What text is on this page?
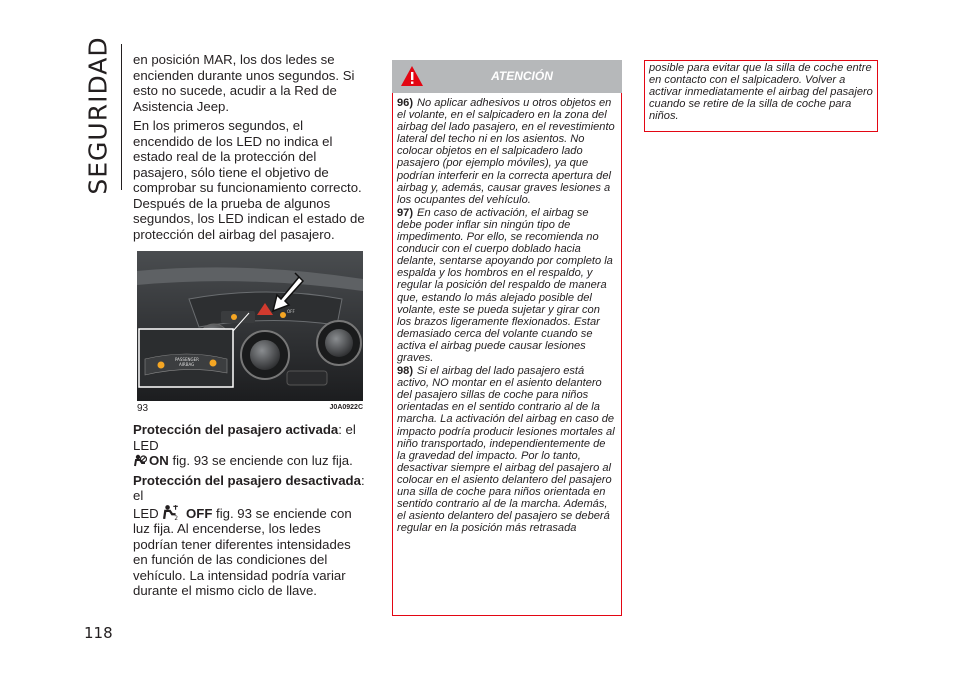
SEGURIDAD
118

en posición MAR, los dos ledes se encienden durante unos segundos. Si esto no sucede, acudir a la Red de Asistencia Jeep.

En los primeros segundos, el encendido de los LED no indica el estado real de la protección del pasajero, sólo tiene el objetivo de comprobar su funcionamiento correcto. Después de la prueba de algunos segundos, los LED indican el estado de protección del airbag del pasajero.

Protección del pasajero activada: el LED
ON fig. 93 se enciende con luz fija.

Protección del pasajero desactivada: el
LED	2 OFF fig. 93 se enciende con luz fija. Al encenderse, los ledes podrían tener diferentes intensidades en función de las condiciones del vehículo. La intensidad podría variar durante el mismo ciclo de llave.

OFF
PASSENGER
AIRBAG
93	J0A0922C
ATENCIÓN

96) No aplicar adhesivos u otros objetos en el volante, en el salpicadero en la zona del airbag del lado pasajero, en el revestimiento lateral del techo ni en los asientos. No colocar objetos en el salpicadero lado pasajero (por ejemplo móviles), ya que podrían interferir en la correcta apertura del airbag y, además, causar graves lesiones a los ocupantes del vehículo.

97) En caso de activación, el airbag se debe poder inflar sin ningún tipo de impedimento. Por ello, se recomienda no conducir con el cuerpo doblado hacia delante, sentarse apoyando por completo la espalda y los hombros en el respaldo, y regular la posición del respaldo de manera que, estando lo más alejado posible del volante, este se pueda sujetar y girar con los brazos ligeramente flexionados. Estar demasiado cerca del volante cuando se activa el airbag puede causar lesiones graves.

98) Si el airbag del lado pasajero está activo, NO montar en el asiento delantero del pasajero sillas de coche para niños orientadas en el sentido contrario al de la marcha. La activación del airbag en caso de impacto podría producir lesiones mortales al niño transportado, independientemente de la gravedad del impacto. Por lo tanto, desactivar siempre el airbag del pasajero al colocar en el asiento delantero del pasajero una silla de coche para niños orientada en sentido contrario al de la marcha. Además, el asiento delantero del pasajero se deberá regular en la posición más retrasada

posible para evitar que la silla de coche entre en contacto con el salpicadero. Volver a activar inmediatamente el airbag del pasajero cuando se retire de la silla de coche para niños.
